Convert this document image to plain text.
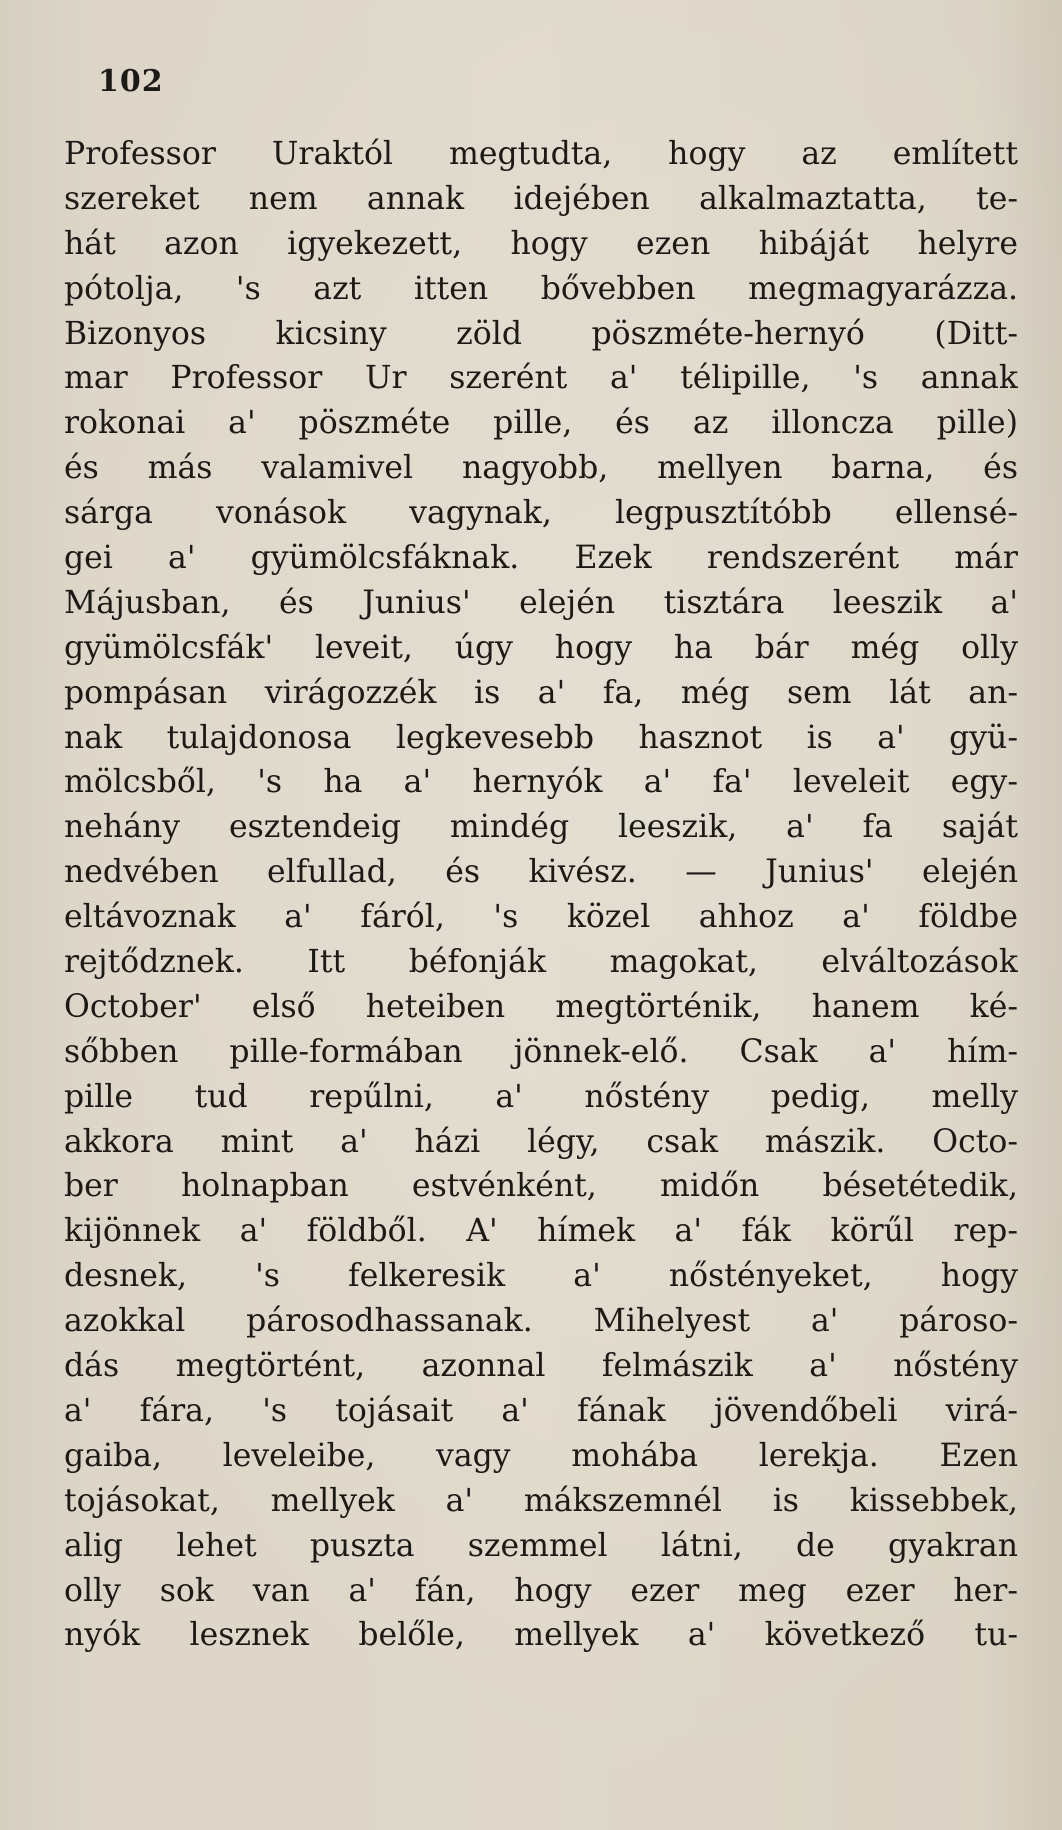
102
Professor Uraktól megtudta, hogy az említett
szereket nem annak idejében alkalmaztatta, te-
hát azon igyekezett, hogy ezen hibáját helyre
pótolja, 's azt itten bővebben megmagyarázza.
Bizonyos kicsiny zöld pöszméte-hernyó (Ditt-
mar Professor Ur szerént a' télipille, 's annak
rokonai a' pöszméte pille, és az illoncza pille)
és más valamivel nagyobb, mellyen barna, és
sárga vonások vagynak, legpusztítóbb ellensé-
gei a' gyümölcsfáknak. Ezek rendszerént már
Májusban, és Junius' elején tisztára leeszik a'
gyümölcsfák' leveit, úgy hogy ha bár még olly
pompásan virágozzék is a' fa, még sem lát an-
nak tulajdonosa legkevesebb hasznot is a' gyü-
mölcsből, 's ha a' hernyók a' fa' leveleit egy-
nehány esztendeig mindég leeszik, a' fa saját
nedvében elfullad, és kivész. — Junius' elején
eltávoznak a' fáról, 's közel ahhoz a' földbe
rejtődznek. Itt béfonják magokat, elváltozások
October' első heteiben megtörténik, hanem ké-
sőbben pille-formában jönnek-elő. Csak a' hím-
pille tud repűlni, a' nőstény pedig, melly
akkora mint a' házi légy, csak mászik. Octo-
ber holnapban estvénként, midőn bésetétedik,
kijönnek a' földből. A' hímek a' fák körűl rep-
desnek, 's felkeresik a' nőstényeket, hogy
azokkal párosodhassanak. Mihelyest a' pároso-
dás megtörtént, azonnal felmászik a' nőstény
a' fára, 's tojásait a' fának jövendőbeli virá-
gaiba, leveleibe, vagy mohába lerekja. Ezen
tojásokat, mellyek a' mákszemnél is kissebbek,
alig lehet puszta szemmel látni, de gyakran
olly sok van a' fán, hogy ezer meg ezer her-
nyók lesznek belőle, mellyek a' következő tu-
